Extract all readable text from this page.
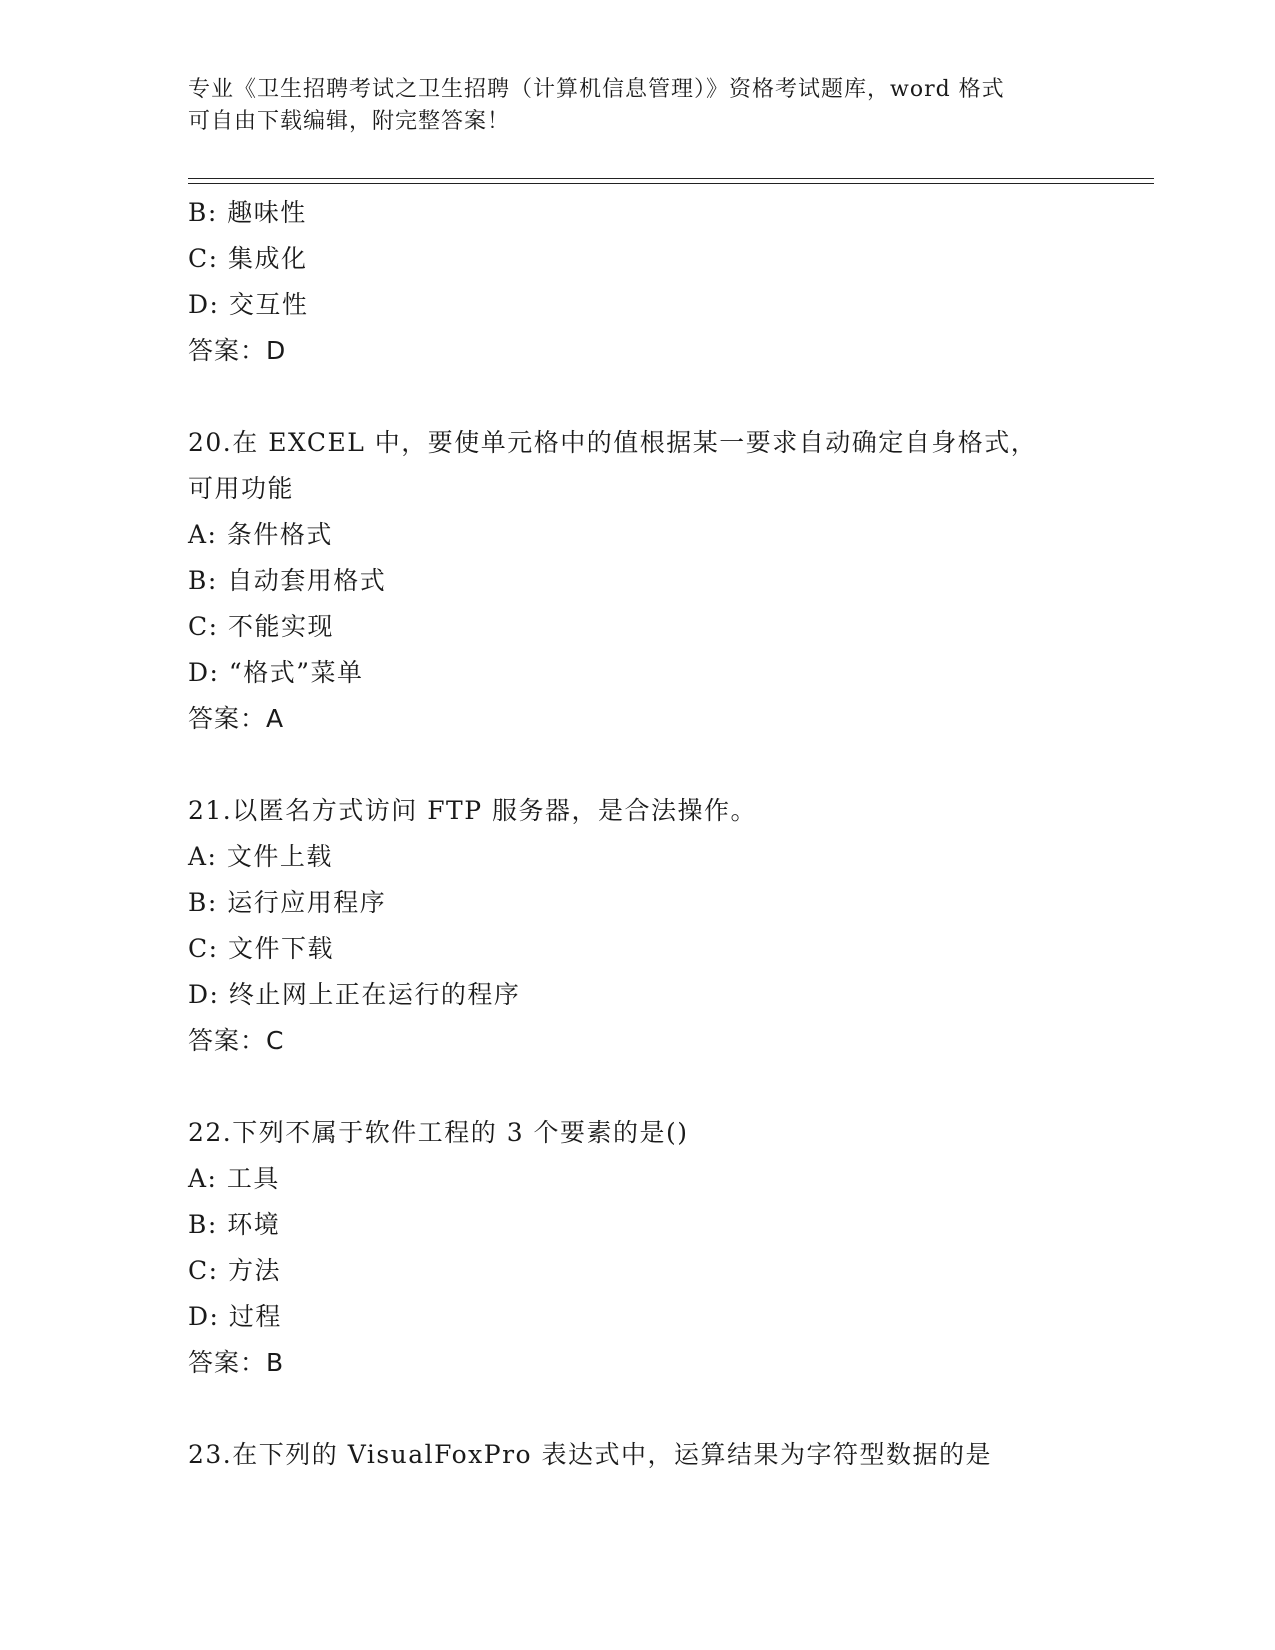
专业《卫生招聘考试之卫生招聘（计算机信息管理）》资格考试题库，word 格式
可自由下载编辑，附完整答案！
B: 趣味性
C: 集成化
D: 交互性
答案：D
20.在 EXCEL 中，要使单元格中的值根据某一要求自动确定自身格式，
可用功能
A: 条件格式
B: 自动套用格式
C: 不能实现
D: “格式”菜单
答案：A
21.以匿名方式访问 FTP 服务器，是合法操作。
A: 文件上载
B: 运行应用程序
C: 文件下载
D: 终止网上正在运行的程序
答案：C
22.下列不属于软件工程的 3 个要素的是()
A: 工具
B: 环境
C: 方法
D: 过程
答案：B
23.在下列的 VisualFoxPro 表达式中，运算结果为字符型数据的是
